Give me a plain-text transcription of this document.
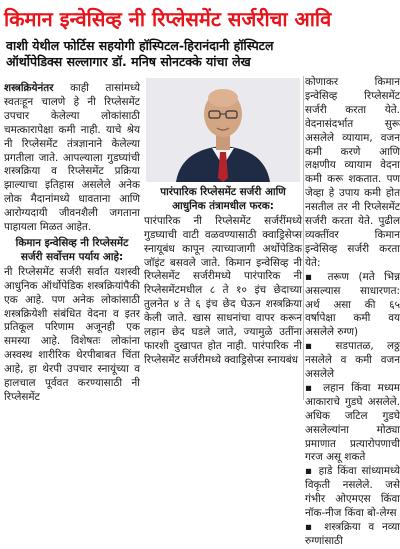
किमान इन्वेसिव्ह नी रिप्लेसमेंट सर्जरीचा आवि
वाशी येथील फोर्टिस सहयोगी हॉस्पिटल-हिरानंदानी हॉस्पिटल
ऑर्थोपेडिक्स सल्लागार डॉ. मनिष सोनटक्के यांचा लेख

शस्त्रक्रियेनंतर काही तासांमध्ये स्वतःहून चालणे हे नी रिप्लेसमेंट उपचार केलेल्या लोकांसाठी चमत्कारापेक्षा कमी नाही. याचे श्रेय नी रिप्लेसमेंट तंत्रज्ञानाने केलेल्या प्रगतीला जाते. आपल्याला गुडघ्यांची शस्त्रक्रिया व रिप्लेसमेंट प्रक्रिया झाल्याचा इतिहास असलेले अनेक लोक मैदानांमध्ये धावताना आणि आरोग्यदायी जीवनशैली जगताना पाहायला मिळत आहेत.

किमान इन्वेसिव्ह नी रिप्लेसमेंट सर्जरी सर्वोत्तम पर्याय आहे:

नी रिप्लेसमेंट सर्जरी सर्वात यशस्वी आधुनिक ऑर्थोपेडिक शस्त्रक्रियांपैकी एक आहे. पण अनेक लोकांसाठी शस्त्रक्रियेशी संबंधित वेदना व इतर प्रतिकूल परिणाम अजूनही एक समस्या आहे. विशेषतः लोकांना अस्वस्थ शारीरिक थेरपीबाबत चिंता आहे, हा थेरपी उपचार स्नायूंच्या व हालचाल पूर्ववत करण्यासाठी नी रिप्लेसमेंट

पारंपारिक रिप्लेसमेंट सर्जरी आणि आधुनिक तंत्रामधील फरक:

पारंपारिक नी रिप्लेसमेंट सर्जरींमध्ये गुडघ्याची वाटी वळवण्यासाठी क्वाड्रिसेप्स स्नायूबंध कापून त्याच्याजागी अर्थोपेडिक जॉइंट बसवले जाते. किमान इन्वेसिव्ह नी रिप्लेसमेंट सर्जरीमध्ये पारंपारिक नी रिप्लेसमेंटमधील ८ ते १० इंच छेदाच्या तुलनेत ४ ते ६ इंच छेद घेऊन शस्त्रक्रिया केली जाते. खास साधनांचा वापर करून लहान छेद घडले जाते, ज्यामुळे उतींना फारशी दुखापत होत नाही. पारंपारिक नी रिप्लेसमेंट सर्जरीमध्ये क्वाड्रिसेप्स स्नायबंध

कोणाकर किमान इन्वेसिव्ह रिप्लेसमेंट सर्जरी करता येते. वेदनासंदर्भात सुरू असलेले व्यायाम, वजन कमी करणे आणि लक्षणीय व्यायाम वेदना कमी करू शकतात. पण जेव्हा हे उपाय कमी होत नसतील तर नी रिप्लेसमेंट सर्जरी करता येते. पुढील व्यक्तींवर किमान इन्वेसिव्ह सर्जरी करता येते:

▪ तरूण (मते भिन्न असल्यास साधारणत: अर्थ असा की ६५ वर्षापेक्षा कमी वय असलेले रुग्ण)

▪ सडपातळ, लठ्ठ नसलेले व कमी वजन असलेले

▪ लहान किंवा मध्यम आकाराचे गुडघे असलेले. अधिक जटिल गुडघे असलेल्यांना मोठ्या प्रमाणात प्रत्यारोपणाची गरज असू शकते

▪ हाडे किंवा सांध्यामध्ये विकृती नसलेले. जसे गंभीर ओएमएस किंवा नॉक-नीज किंवा बो-लेग्स

▪ शस्त्रक्रिया व नव्या रुग्णांसाठी
